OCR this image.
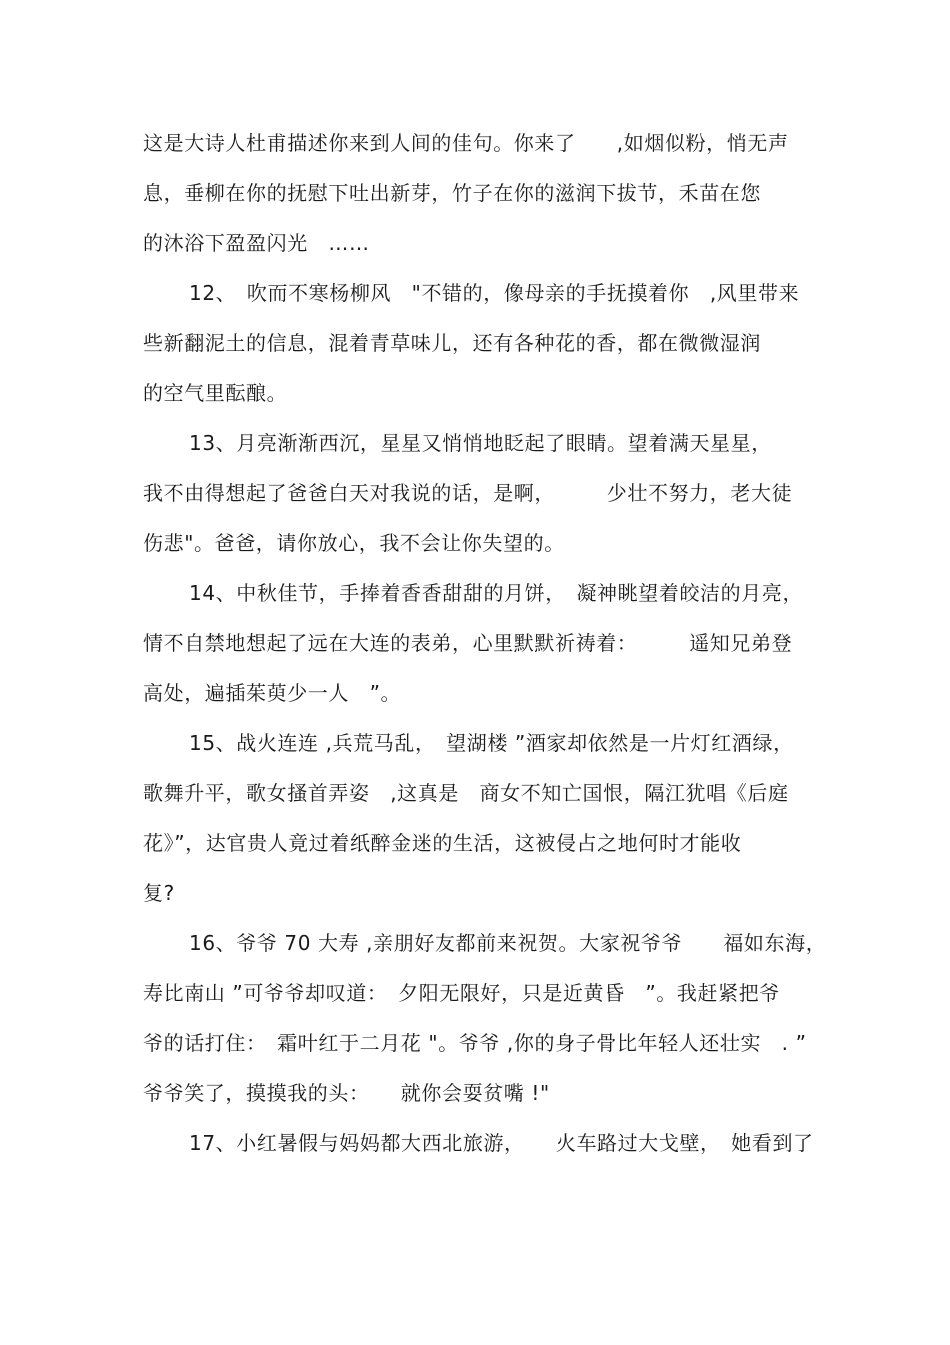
这是大诗人杜甫描述你来到人间的佳句。你来了　　,如烟似粉，悄无声
息，垂柳在你的抚慰下吐出新芽，竹子在你的滋润下拔节，禾苗在您
的沐浴下盈盈闪光　……
12、　吹而不寒杨柳风　"不错的，像母亲的手抚摸着你　,风里带来
些新翻泥土的信息，混着青草味儿，还有各种花的香，都在微微湿润
的空气里酝酿。
13、月亮渐渐西沉，星星又悄悄地眨起了眼睛。望着满天星星，
我不由得想起了爸爸白天对我说的话，是啊，　　　少壮不努力，老大徒
伤悲"。爸爸，请你放心，我不会让你失望的。
14、中秋佳节，手捧着香香甜甜的月饼，　凝神眺望着皎洁的月亮，
情不自禁地想起了远在大连的表弟，心里默默祈祷着：　　　遥知兄弟登
高处，遍插茱萸少一人　”。
15、战火连连 ,兵荒马乱，　望湖楼 ”酒家却依然是一片灯红酒绿，
歌舞升平，歌女搔首弄姿　,这真是　商女不知亡国恨，隔江犹唱《后庭
花》”，达官贵人竟过着纸醉金迷的生活，这被侵占之地何时才能收
复?
16、爷爷 70 大寿 ,亲朋好友都前来祝贺。大家祝爷爷　　福如东海，
寿比南山 ”可爷爷却叹道：　夕阳无限好，只是近黄昏　”。我赶紧把爷
爷的话打住：　霜叶红于二月花 "。爷爷 ,你的身子骨比年轻人还壮实　. ”
爷爷笑了，摸摸我的头：　　就你会耍贫嘴 !"
17、小红暑假与妈妈都大西北旅游，　　火车路过大戈壁，　她看到了
